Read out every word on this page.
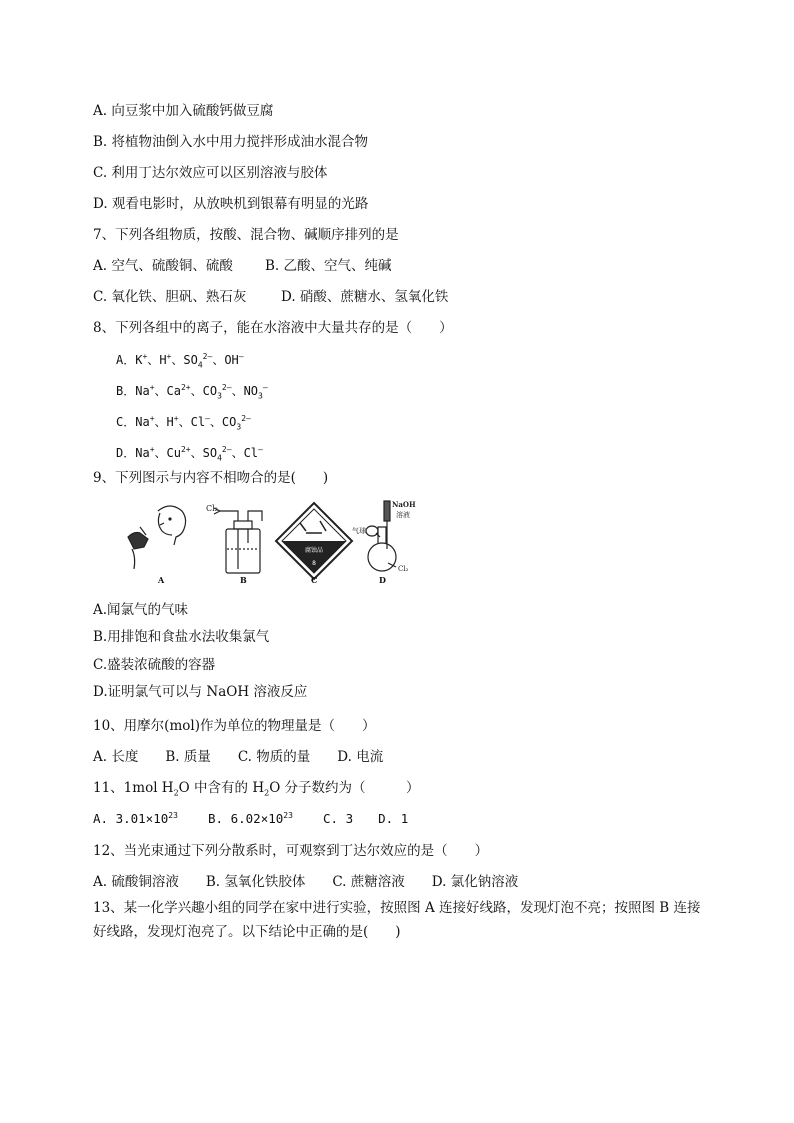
A. 向豆浆中加入硫酸钙做豆腐
B. 将植物油倒入水中用力搅拌形成油水混合物
C. 利用丁达尔效应可以区别溶液与胶体
D. 观看电影时，从放映机到银幕有明显的光路
7、下列各组物质，按酸、混合物、碱顺序排列的是
A. 空气、硫酸铜、硫酸 B. 乙酸、空气、纯碱
C. 氧化铁、胆矾、熟石灰	D. 硝酸、蔗糖水、氢氧化铁
8、下列各组中的离子，能在水溶液中大量共存的是（　　）
A．K+、H+、$SO_4^{2—}$、OH—
B．Na+、$Ca^{2+}$、$CO_3^{2—}$、$NO_3^—$
C．Na+、H+、Cl—、$CO_3^{2—}$
D．Na+、$Cu^{2+}$、$SO_4^{2—}$、Cl—
9、下列图示与内容不相吻合的是(　　)
Cl₂
腐蚀品
8
NaOH
溶液
气球
Cl₂
A	B	C	D
A.闻氯气的气味
B.用排饱和食盐水法收集氯气
C.盛装浓硫酸的容器
D.证明氯气可以与 NaOH 溶液反应
10、用摩尔(mol)作为单位的物理量是（　　）
A. 长度　　B. 质量　　C. 物质的量　　D. 电流
11、1mol $H_2O$ 中含有的 $H_2O$ 分子数约为（　　　）
A. $3.01\times 10^{23}$ B. $6.02\times 10^{23}$ C. 3　　D. 1
12、当光束通过下列分散系时，可观察到丁达尔效应的是（　　）
A. 硫酸铜溶液　　B. 氢氧化铁胶体　　C. 蔗糖溶液　　D. 氯化钠溶液
13、某一化学兴趣小组的同学在家中进行实验，按照图 A 连接好线路，发现灯泡不亮；按照图 B 连接好线路，发现灯泡亮了。以下结论中正确的是(　　)
